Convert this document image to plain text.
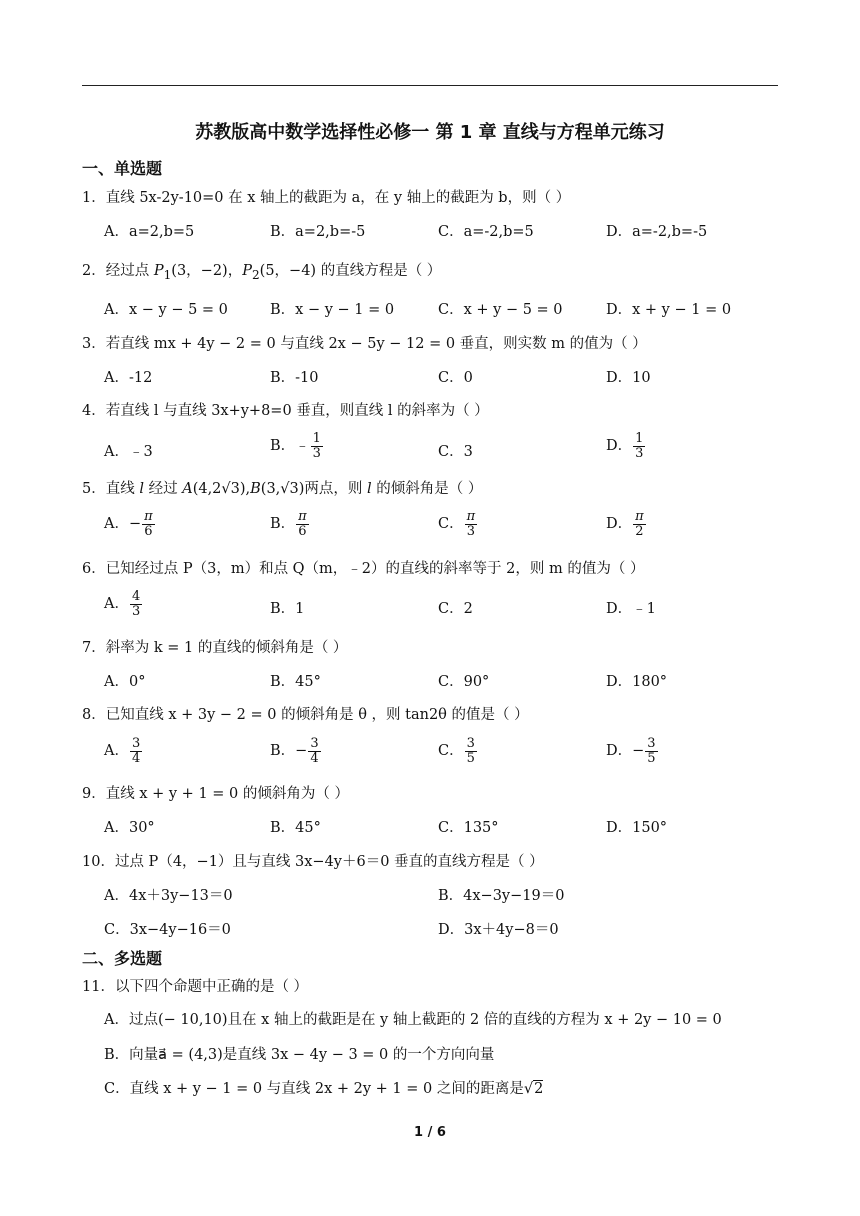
苏教版高中数学选择性必修一 第 1 章 直线与方程单元练习
一、单选题
1．直线 5x-2y-10=0 在 x 轴上的截距为 a，在 y 轴上的截距为 b，则（ ）
A．a=2,b=5	B．a=2,b=-5	C．a=-2,b=5	D．a=-2,b=-5
2．经过点 $P_1(3$，−2)，$P_2(5$，−4) 的直线方程是（ ）
A．x − y − 5 = 0	B．x − y − 1 = 0	C．x + y − 5 = 0	D．x + y − 1 = 0
3．若直线 mx + 4y − 2 = 0 与直线 2x − 5y − 12 = 0 垂直，则实数 m 的值为（ ）
A．-12	B．-10	C．0	D．10
4．若直线 l 与直线 3x+y+8=0 垂直，则直线 l 的斜率为（ ）
A．﹣3	B．﹣ $\frac{1}{3}$	C．3	D． $\frac{1}{3}$
5．直线 l 经过 A(4,2√3),B(3,√3)两点，则 l 的倾斜角是（ ）
A．− $\frac{\pi}{6}$	B． $\frac{\pi}{6}$	C． $\frac{\pi}{3}$	D． $\frac{\pi}{2}$
6．已知经过点 P（3，m）和点 Q（m，﹣2）的直线的斜率等于 2，则 m 的值为（ ）
A． $\frac{4}{3}$	B．1	C．2	D．﹣1
7．斜率为 k = 1 的直线的倾斜角是（ ）
A．0°	B．45°	C．90°	D．180°
8．已知直线 x + 3y − 2 = 0 的倾斜角是 θ ，则 tan2θ 的值是（ ）
A． $\frac{3}{4}$	B．− $\frac{3}{4}$	C． $\frac{3}{5}$	D．− $\frac{3}{5}$
9．直线 x + y + 1 = 0 的倾斜角为（ ）
A．30°	B．45°	C．135°	D．150°
10．过点 P（4，−1）且与直线 3x−4y＋6＝0 垂直的直线方程是（ ）
A．4x＋3y−13＝0	B．4x−3y−19＝0
C．3x−4y−16＝0	D．3x＋4y−8＝0
二、多选题
11．以下四个命题中正确的是（ ）
A．过点(− 10,10)且在 x 轴上的截距是在 y 轴上截距的 2 倍的直线的方程为 x + 2y − 10 = 0
B．向量a⃗ = (4,3)是直线 3x − 4y − 3 = 0 的一个方向向量
C．直线 x + y − 1 = 0 与直线 2x + 2y + 1 = 0 之间的距离是√2
1 / 6
